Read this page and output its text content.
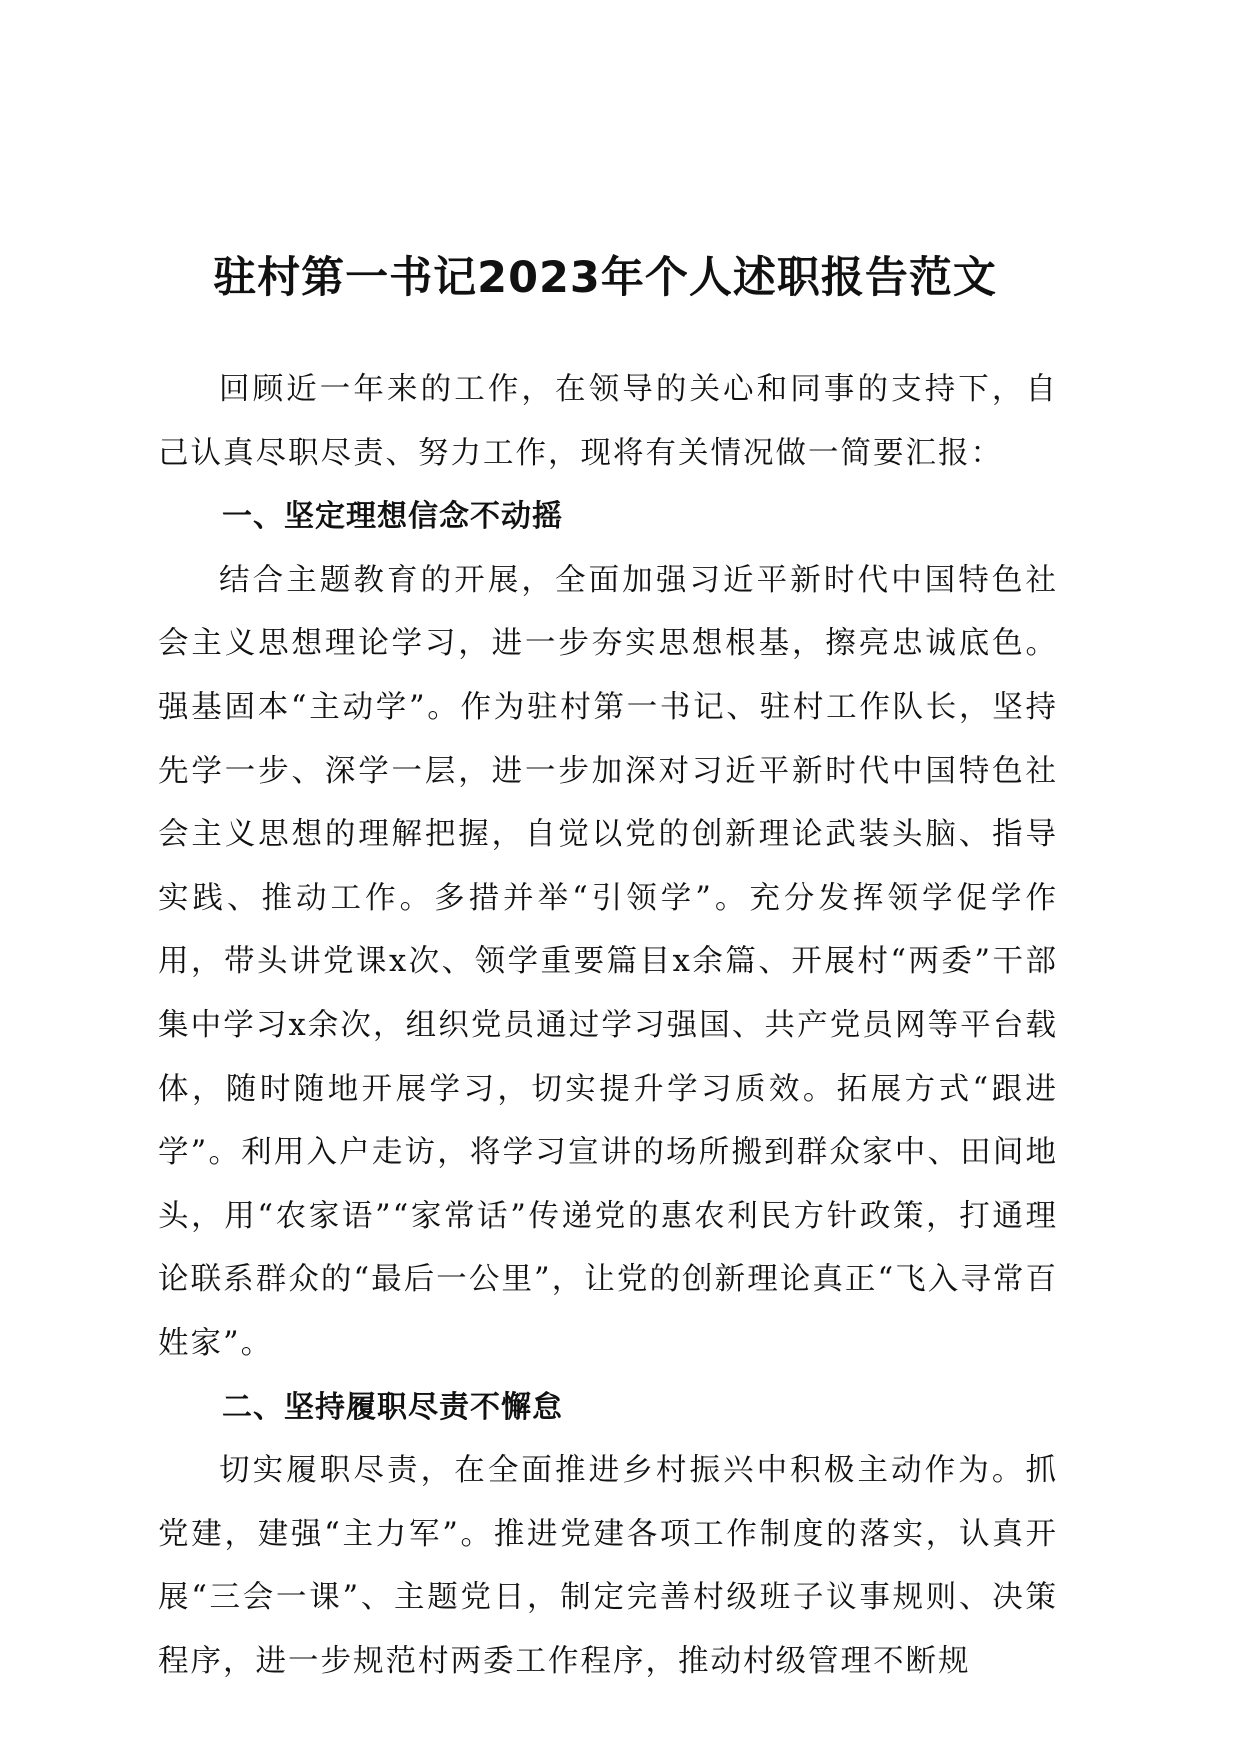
驻村第一书记2023年个人述职报告范文

回顾近一年来的工作，在领导的关心和同事的支持下，自己认真尽职尽责、努力工作，现将有关情况做一简要汇报：

一、坚定理想信念不动摇

结合主题教育的开展，全面加强习近平新时代中国特色社会主义思想理论学习，进一步夯实思想根基，擦亮忠诚底色。强基固本“主动学”。作为驻村第一书记、驻村工作队长，坚持先学一步、深学一层，进一步加深对习近平新时代中国特色社会主义思想的理解把握，自觉以党的创新理论武装头脑、指导实践、推动工作。多措并举“引领学”。充分发挥领学促学作用，带头讲党课x次、领学重要篇目x余篇、开展村“两委”干部集中学习x余次，组织党员通过学习强国、共产党员网等平台载体，随时随地开展学习，切实提升学习质效。拓展方式“跟进学”。利用入户走访，将学习宣讲的场所搬到群众家中、田间地头，用“农家语”“家常话”传递党的惠农利民方针政策，打通理论联系群众的“最后一公里”，让党的创新理论真正“飞入寻常百姓家”。

二、坚持履职尽责不懈怠

切实履职尽责，在全面推进乡村振兴中积极主动作为。抓党建，建强“主力军”。推进党建各项工作制度的落实，认真开展“三会一课”、主题党日，制定完善村级班子议事规则、决策程序，进一步规范村两委工作程序，推动村级管理不断规
